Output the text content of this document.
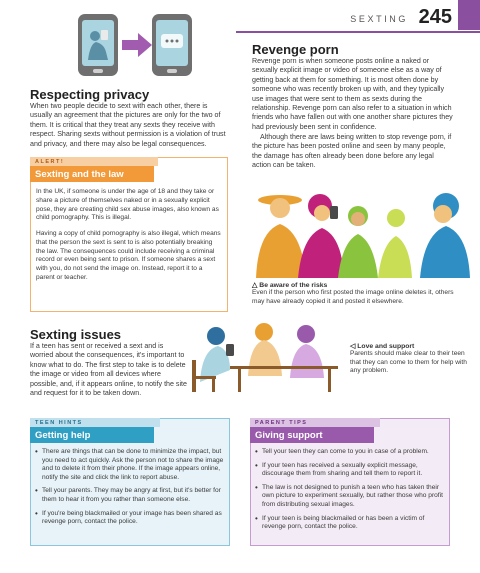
SEXTING 245
Respecting privacy

When two people decide to sext with each other, there is usually an agreement that the pictures are only for the two of them. It is critical that they treat any sexts they receive with respect. Sharing sexts without permission is a violation of trust and privacy, and there may also be legal consequences.

ALERT!
Sexting and the law

In the UK, if someone is under the age of 18 and they take or share a picture of themselves naked or in a sexually explicit pose, they are creating child sex abuse images, also known as child pornography. This is illegal.

Having a copy of child pornography is also illegal, which means that the person the sext is sent to is also potentially breaking the law. The consequences could include receiving a criminal record or even being sent to prison. If someone shares a sext with you, do not send the image on. Instead, report it to a parent or teacher.

Revenge porn

Revenge porn is when someone posts online a naked or sexually explicit image or video of someone else as a way of getting back at them for something. It is most often done by someone who was recently broken up with, and they typically use images that were sent to them as sexts during the relationship. Revenge porn can also refer to a situation in which friends who have fallen out with one another share pictures they had previously been sent in confidence.

Although there are laws being written to stop revenge porn, if the picture has been posted online and seen by many people, the damage has often already been done before any legal action can be taken.

△ Be aware of the risks

Even if the person who first posted the image online deletes it, others may have already copied it and posted it elsewhere.

Sexting issues

If a teen has sent or received a sext and is worried about the consequences, it's important to know what to do. The first step to take is to delete the image or video from all devices where possible, and, if it appears online, to notify the site and request for it to be taken down.

◁ Love and support

Parents should make clear to their teen that they can come to them for help with any problem.

TEEN HINTS
Getting help
• There are things that can be done to minimize the impact, but you need to act quickly. Ask the person not to share the image and to delete it from their phone. If the image appears online, notify the site and click the link to report abuse.
• Tell your parents. They may be angry at first, but it's better for them to hear it from you rather than someone else.
• If you're being blackmailed or your image has been shared as revenge porn, contact the police.
PARENT TIPS
Giving support
• Tell your teen they can come to you in case of a problem.
• If your teen has received a sexually explicit message, discourage them from sharing and tell them to report it.
• The law is not designed to punish a teen who has taken their own picture to experiment sexually, but rather those who profit from distributing sexual images.
• If your teen is being blackmailed or has been a victim of revenge porn, contact the police.
